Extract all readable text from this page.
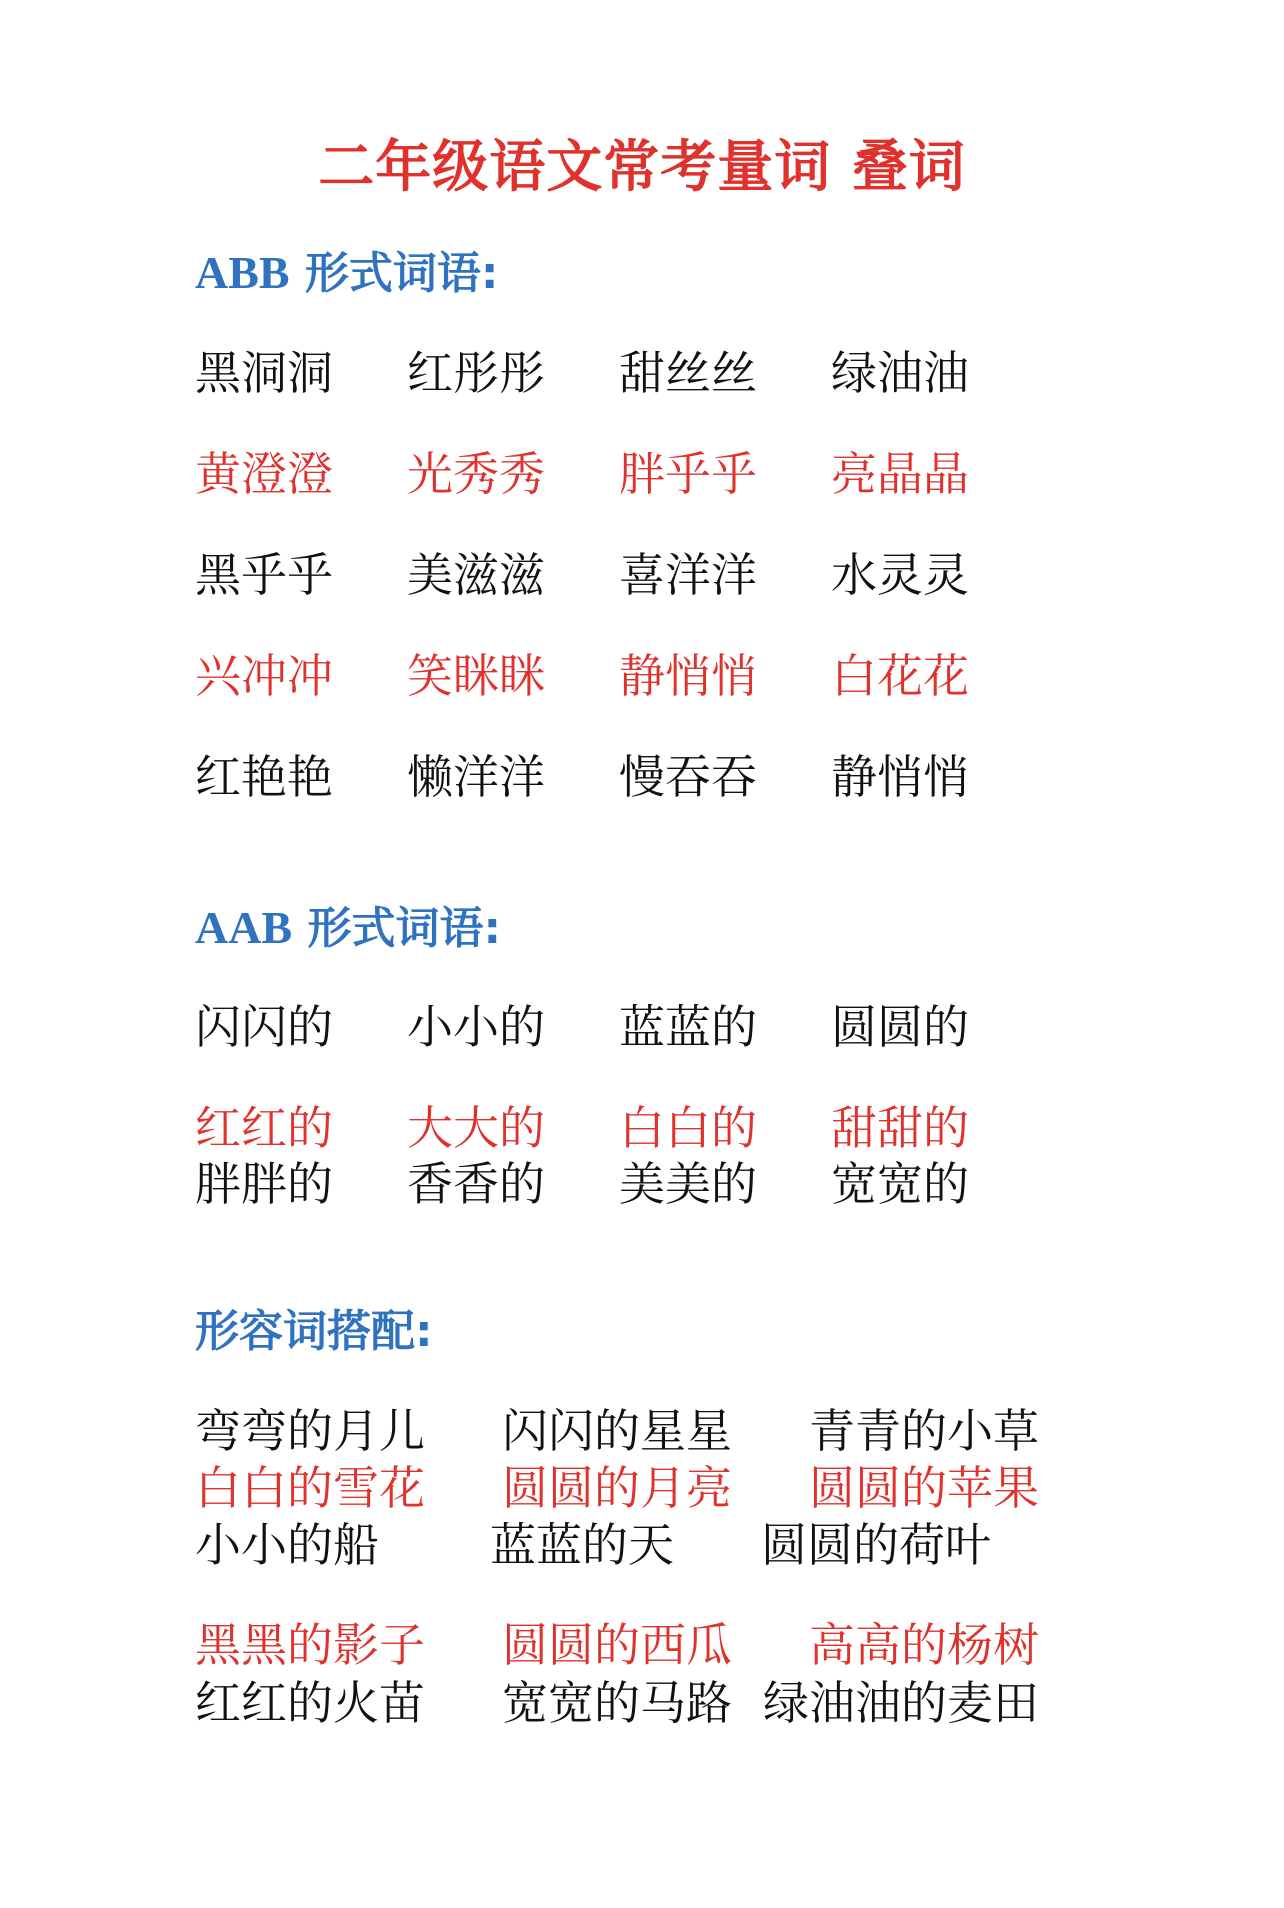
二年级语文常考量词 叠词
ABB 形式词语:
黑洞洞 红彤彤 甜丝丝 绿油油
黄澄澄 光秀秀 胖乎乎 亮晶晶
黑乎乎 美滋滋 喜洋洋 水灵灵
兴冲冲 笑眯眯 静悄悄 白花花
红艳艳 懒洋洋 慢吞吞 静悄悄
AAB 形式词语:
闪闪的 小小的 蓝蓝的 圆圆的
红红的 大大的 白白的 甜甜的
胖胖的 香香的 美美的 宽宽的
形容词搭配:
弯弯的月儿 闪闪的星星 青青的小草
白白的雪花 圆圆的月亮 圆圆的苹果
小小的船 蓝蓝的天 圆圆的荷叶
黑黑的影子 圆圆的西瓜 高高的杨树
红红的火苗 宽宽的马路 绿油油的麦田
